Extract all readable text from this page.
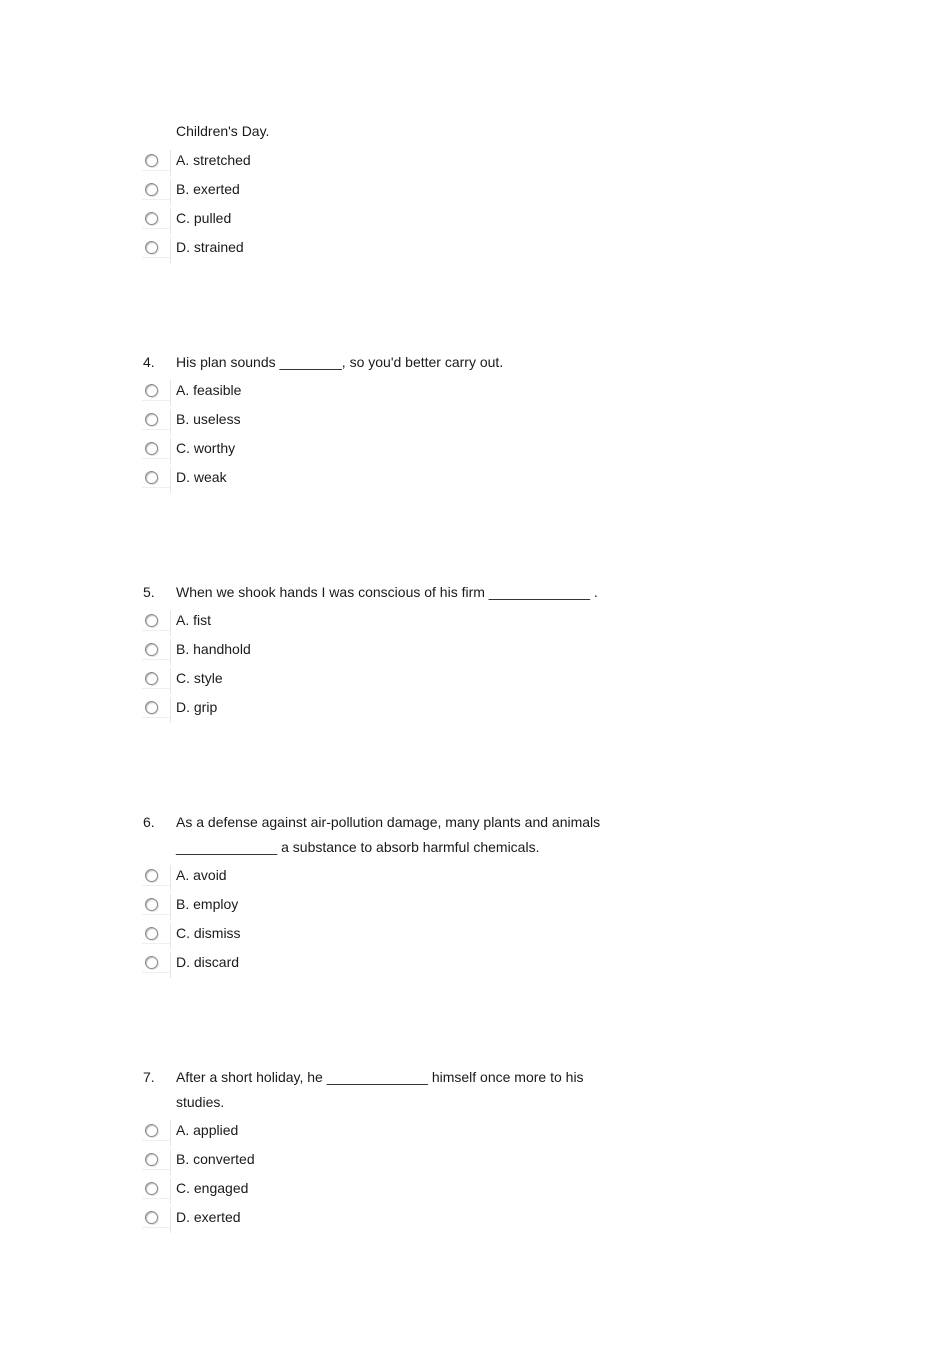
Children's Day.
A. stretched
B. exerted
C. pulled
D. strained
4. His plan sounds ________, so you'd better carry out.
A. feasible
B. useless
C. worthy
D. weak
5. When we shook hands I was conscious of his firm _____________ .
A. fist
B. handhold
C. style
D. grip
6. As a defense against air-pollution damage, many plants and animals
_____________ a substance to absorb harmful chemicals.
A. avoid
B. employ
C. dismiss
D. discard
7. After a short holiday, he _____________ himself once more to his
studies.
A. applied
B. converted
C. engaged
D. exerted
